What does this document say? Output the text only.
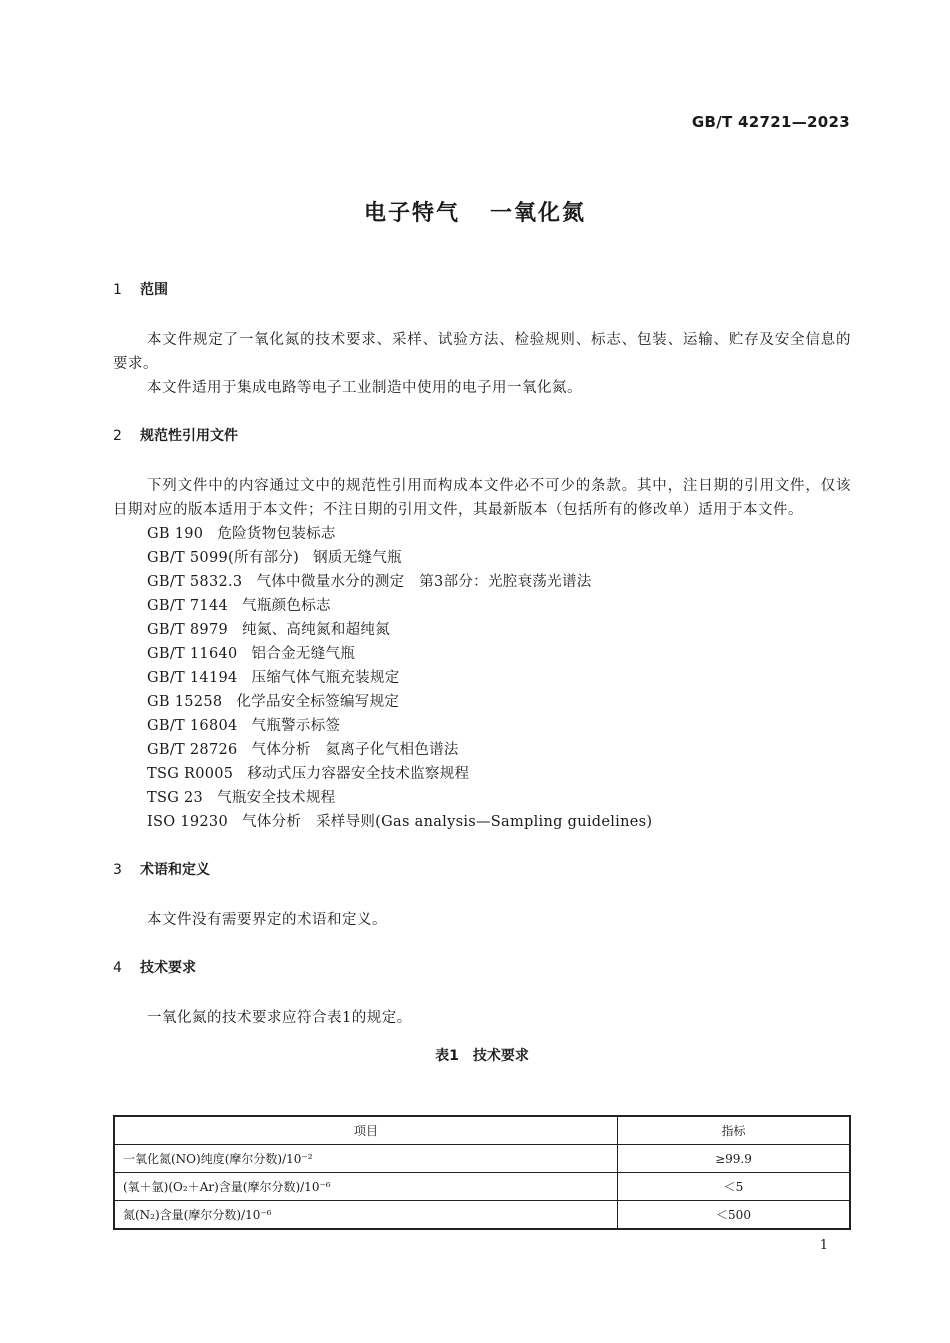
GB/T 42721—2023
电子特气 一氧化氮
1 范围
本文件规定了一氧化氮的技术要求、采样、试验方法、检验规则、标志、包装、运输、贮存及安全信息的要求。
本文件适用于集成电路等电子工业制造中使用的电子用一氧化氮。
2 规范性引用文件
下列文件中的内容通过文中的规范性引用而构成本文件必不可少的条款。其中，注日期的引用文件，仅该日期对应的版本适用于本文件；不注日期的引用文件，其最新版本（包括所有的修改单）适用于本文件。
GB 190 危险货物包装标志
GB/T 5099(所有部分) 钢质无缝气瓶
GB/T 5832.3 气体中微量水分的测定　第3部分：光腔衰荡光谱法
GB/T 7144 气瓶颜色标志
GB/T 8979 纯氮、高纯氮和超纯氮
GB/T 11640 铝合金无缝气瓶
GB/T 14194 压缩气体气瓶充装规定
GB 15258 化学品安全标签编写规定
GB/T 16804 气瓶警示标签
GB/T 28726 气体分析　氦离子化气相色谱法
TSG R0005 移动式压力容器安全技术监察规程
TSG 23 气瓶安全技术规程
ISO 19230 气体分析　采样导则(Gas analysis—Sampling guidelines)
3 术语和定义
本文件没有需要界定的术语和定义。
4 技术要求
一氧化氮的技术要求应符合表1的规定。
表1 技术要求
项目	指标
一氧化氮(NO)纯度(摩尔分数)/10⁻²	≥99.9
(氧＋氩)(O₂＋Ar)含量(摩尔分数)/10⁻⁶	＜5
氮(N₂)含量(摩尔分数)/10⁻⁶	＜500
1
